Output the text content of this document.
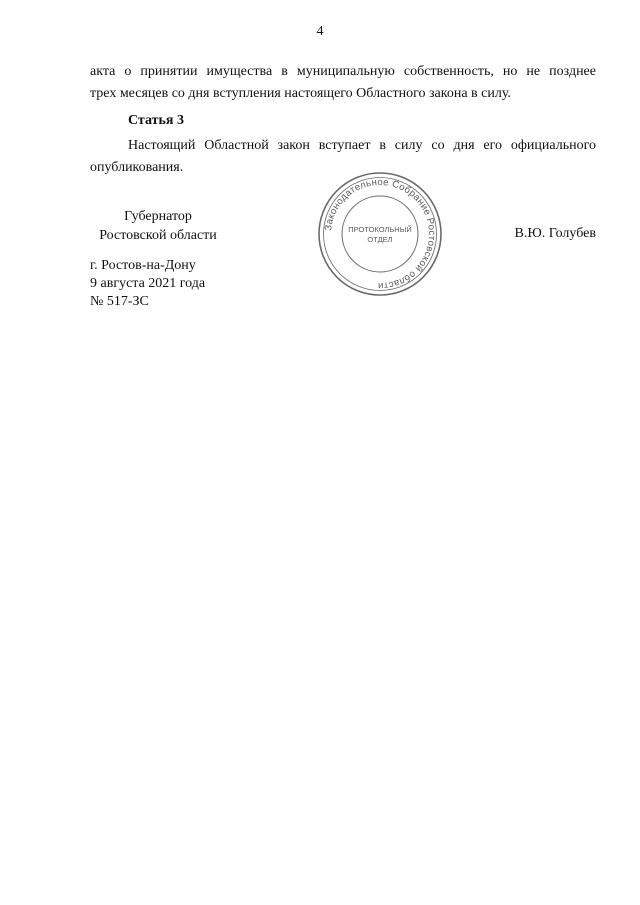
4
акта о принятии имущества в муниципальную собственность, но не позднее
трех месяцев со дня вступления настоящего Областного закона в силу.
Статья 3
Настоящий Областной закон вступает в силу со дня его официального
опубликования.
Губернатор
Ростовской области
Законодательное Собрание Ростовской области
ПРОТОКОЛЬНЫЙ
ОТДЕЛ	В.Ю. Голубев
г. Ростов-на-Дону
9 августа 2021 года
№ 517-ЗС
